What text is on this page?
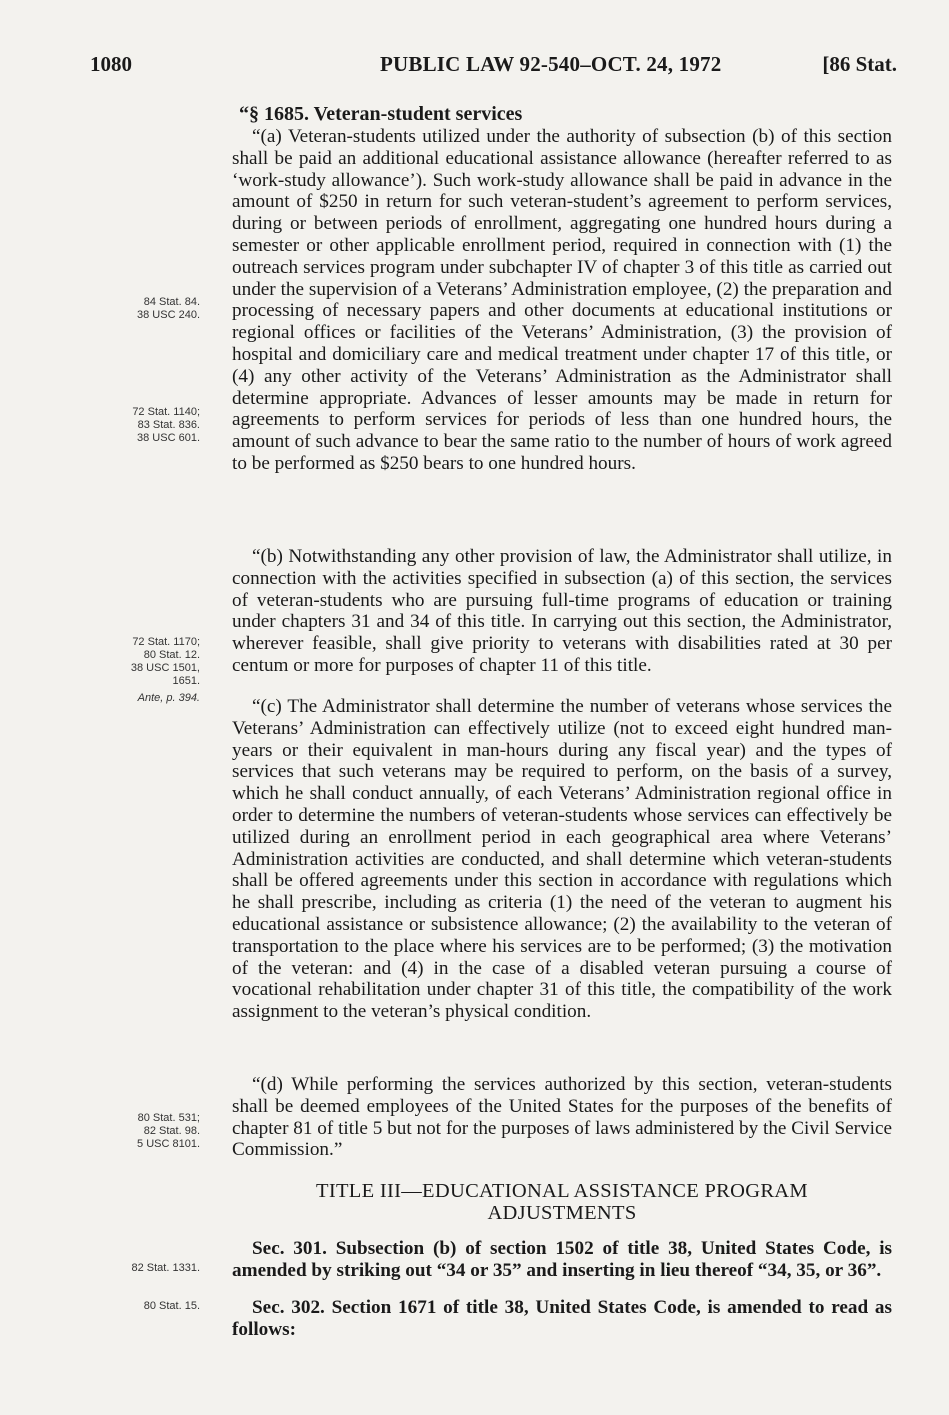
1080	PUBLIC LAW 92-540–OCT. 24, 1972	[86 Stat.
“§ 1685. Veteran-student services

“(a) Veteran-students utilized under the authority of subsection (b) of this section shall be paid an additional educational assistance allowance (hereafter referred to as ‘work-study allowance’). Such work-study allowance shall be paid in advance in the amount of $250 in return for such veteran-student’s agreement to perform services, during or between periods of enrollment, aggregating one hundred hours during a semester or other applicable enrollment period, required in connection with (1) the outreach services program under subchapter IV of chapter 3 of this title as carried out under the supervision of a Veterans’ Administration employee, (2) the preparation and processing of necessary papers and other documents at educational institutions or regional offices or facilities of the Veterans’ Administration, (3) the provision of hospital and domiciliary care and medical treatment under chapter 17 of this title, or (4) any other activity of the Veterans’ Administration as the Administrator shall determine appropriate. Advances of lesser amounts may be made in return for agreements to perform services for periods of less than one hundred hours, the amount of such advance to bear the same ratio to the number of hours of work agreed to be performed as $250 bears to one hundred hours.

“(b) Notwithstanding any other provision of law, the Administrator shall utilize, in connection with the activities specified in subsection (a) of this section, the services of veteran-students who are pursuing full-time programs of education or training under chapters 31 and 34 of this title. In carrying out this section, the Administrator, wherever feasible, shall give priority to veterans with disabilities rated at 30 per centum or more for purposes of chapter 11 of this title.

“(c) The Administrator shall determine the number of veterans whose services the Veterans’ Administration can effectively utilize (not to exceed eight hundred man-years or their equivalent in man-hours during any fiscal year) and the types of services that such veterans may be required to perform, on the basis of a survey, which he shall conduct annually, of each Veterans’ Administration regional office in order to determine the numbers of veteran-students whose services can effectively be utilized during an enrollment period in each geographical area where Veterans’ Administration activities are conducted, and shall determine which veteran-students shall be offered agreements under this section in accordance with regulations which he shall prescribe, including as criteria (1) the need of the veteran to augment his educational assistance or subsistence allowance; (2) the availability to the veteran of transportation to the place where his services are to be performed; (3) the motivation of the veteran: and (4) in the case of a disabled veteran pursuing a course of vocational rehabilitation under chapter 31 of this title, the compatibility of the work assignment to the veteran’s physical condition.

“(d) While performing the services authorized by this section, veteran-students shall be deemed employees of the United States for the purposes of the benefits of chapter 81 of title 5 but not for the purposes of laws administered by the Civil Service Commission.”

84 Stat. 84.
38 USC 240.
72 Stat. 1140;
83 Stat. 836.
38 USC 601.
72 Stat. 1170;
80 Stat. 12.
38 USC 1501,
1651.
Ante, p. 394.
80 Stat. 531;
82 Stat. 98.
5 USC 8101.
82 Stat. 1331.
80 Stat. 15.
TITLE III—EDUCATIONAL ASSISTANCE PROGRAM
ADJUSTMENTS

Sec. 301. Subsection (b) of section 1502 of title 38, United States Code, is amended by striking out “34 or 35” and inserting in lieu thereof “34, 35, or 36”.

Sec. 302. Section 1671 of title 38, United States Code, is amended to read as follows:
